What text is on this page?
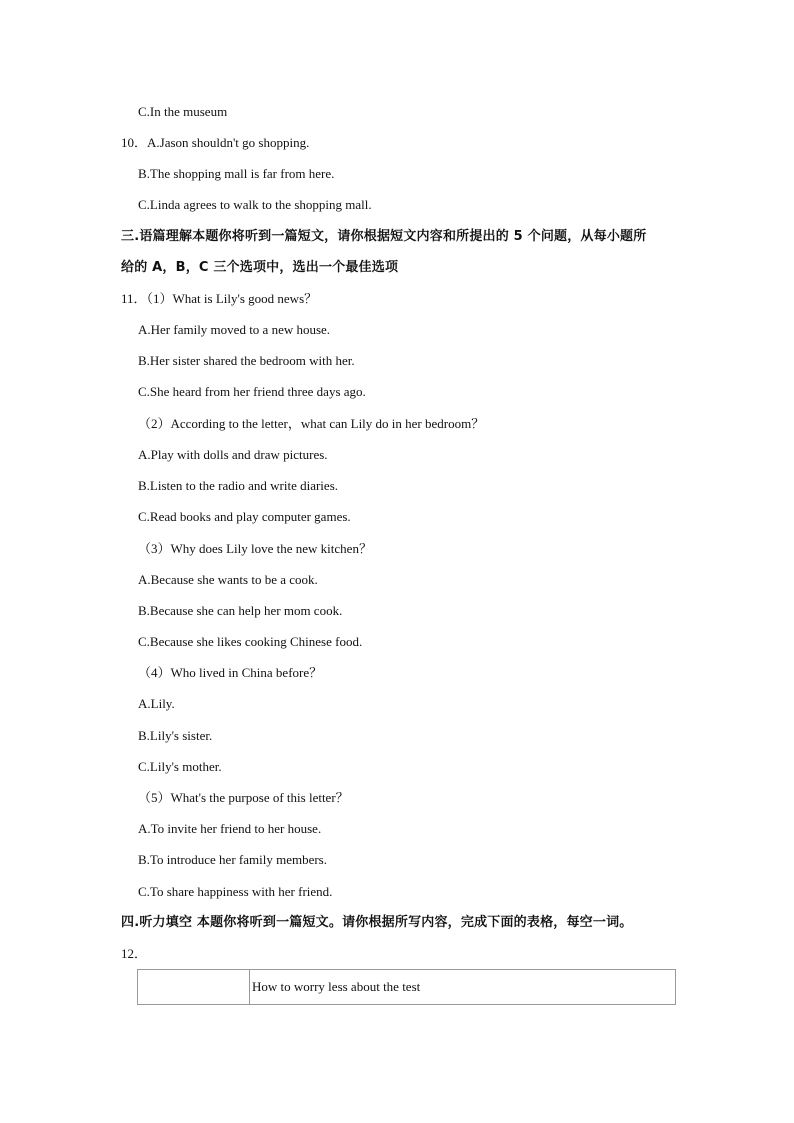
C.In the museum
10．A.Jason shouldn't go shopping.
B.The shopping mall is far from here.
C.Linda agrees to walk to the shopping mall.
三.语篇理解本题你将听到一篇短文，请你根据短文内容和所提出的 5 个问题，从每小题所
给的 A，B，C 三个选项中，选出一个最佳选项
11．（1）What is Lily's good news？
A.Her family moved to a new house.
B.Her sister shared the bedroom with her.
C.She heard from her friend three days ago.
（2）According to the letter，what can Lily do in her bedroom？
A.Play with dolls and draw pictures.
B.Listen to the radio and write diaries.
C.Read books and play computer games.
（3）Why does Lily love the new kitchen？
A.Because she wants to be a cook.
B.Because she can help her mom cook.
C.Because she likes cooking Chinese food.
（4）Who lived in China before？
A.Lily.
B.Lily's sister.
C.Lily's mother.
（5）What's the purpose of this letter？
A.To invite her friend to her house.
B.To introduce her family members.
C.To share happiness with her friend.
四.听力填空 本题你将听到一篇短文。请你根据所写内容，完成下面的表格，每空一词。
12．
	How to worry less about the test
